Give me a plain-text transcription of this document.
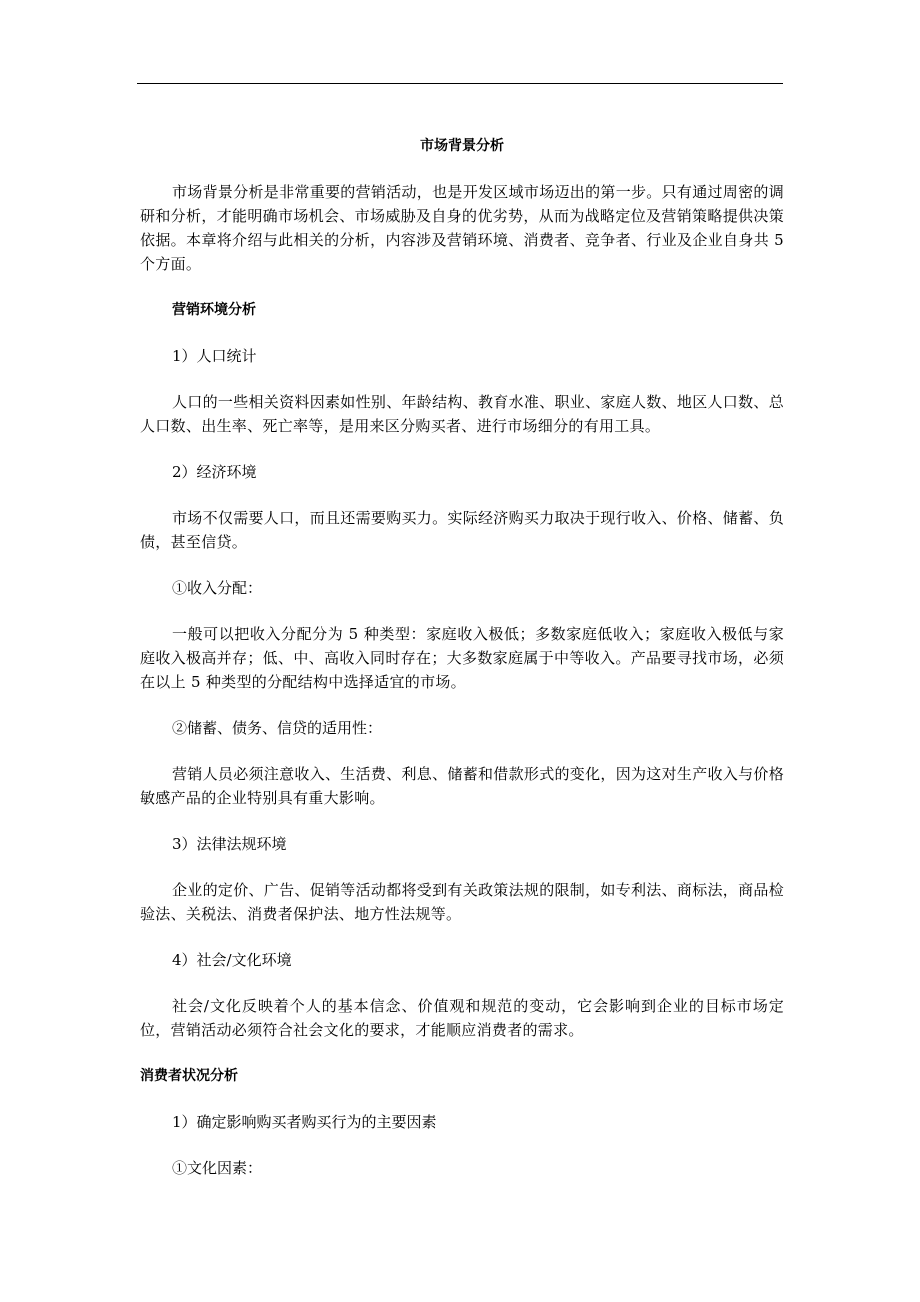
市场背景分析

市场背景分析是非常重要的营销活动，也是开发区域市场迈出的第一步。只有通过周密的调研和分析，才能明确市场机会、市场威胁及自身的优劣势，从而为战略定位及营销策略提供决策依据。本章将介绍与此相关的分析，内容涉及营销环境、消费者、竞争者、行业及企业自身共 5 个方面。

营销环境分析

1）人口统计

人口的一些相关资料因素如性别、年龄结构、教育水准、职业、家庭人数、地区人口数、总人口数、出生率、死亡率等，是用来区分购买者、进行市场细分的有用工具。

2）经济环境

市场不仅需要人口，而且还需要购买力。实际经济购买力取决于现行收入、价格、储蓄、负债，甚至信贷。

①收入分配：

一般可以把收入分配分为 5 种类型：家庭收入极低；多数家庭低收入；家庭收入极低与家庭收入极高并存；低、中、高收入同时存在；大多数家庭属于中等收入。产品要寻找市场，必须在以上 5 种类型的分配结构中选择适宜的市场。

②储蓄、债务、信贷的适用性：

营销人员必须注意收入、生活费、利息、储蓄和借款形式的变化，因为这对生产收入与价格敏感产品的企业特别具有重大影响。

3）法律法规环境

企业的定价、广告、促销等活动都将受到有关政策法规的限制，如专利法、商标法，商品检验法、关税法、消费者保护法、地方性法规等。

4）社会/文化环境

社会/文化反映着个人的基本信念、价值观和规范的变动，它会影响到企业的目标市场定位，营销活动必须符合社会文化的要求，才能顺应消费者的需求。

消费者状况分析

1）确定影响购买者购买行为的主要因素

①文化因素：
